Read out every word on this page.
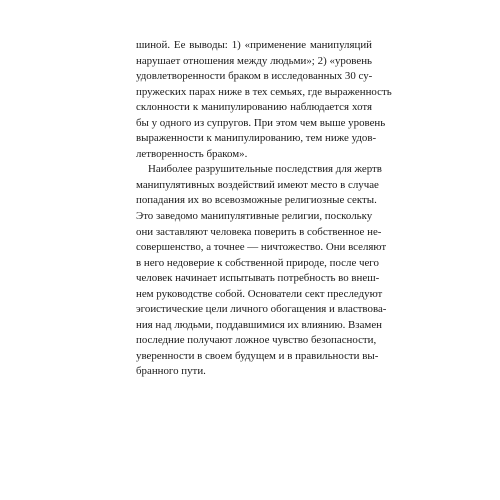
шиной. Ее выводы: 1) «применение манипуляций
нарушает отношения между людьми»; 2) «уровень
удовлетворенности браком в исследованных 30 су-
пружеских парах ниже в тех семьях, где выраженность
склонности к манипулированию наблюдается хотя
бы у одного из супругов. При этом чем выше уровень
выраженности к манипулированию, тем ниже удов-
летворенность браком».
Наиболее разрушительные последствия для жертв
манипулятивных воздействий имеют место в случае
попадания их во всевозможные религиозные секты.
Это заведомо манипулятивные религии, поскольку
они заставляют человека поверить в собственное не-
совершенство, а точнее — ничтожество. Они вселяют
в него недоверие к собственной природе, после чего
человек начинает испытывать потребность во внеш-
нем руководстве собой. Основатели сект преследуют
эгоистические цели личного обогащения и властвова-
ния над людьми, поддавшимися их влиянию. Взамен
последние получают ложное чувство безопасности,
уверенности в своем будущем и в правильности вы-
бранного пути.
